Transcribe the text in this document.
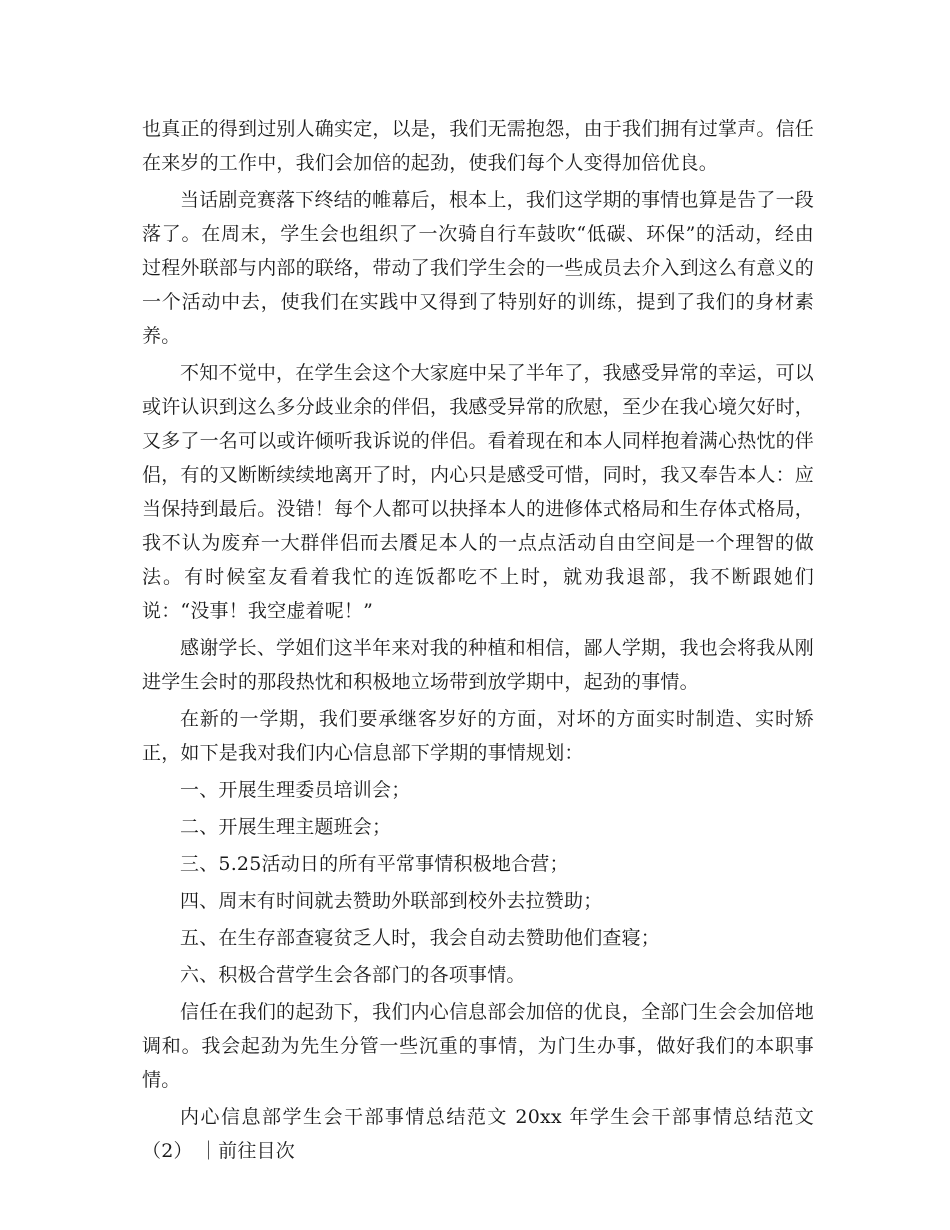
也真正的得到过别人确实定，以是，我们无需抱怨，由于我们拥有过掌声。信任在来岁的工作中，我们会加倍的起劲，使我们每个人变得加倍优良。

当话剧竞赛落下终结的帷幕后，根本上，我们这学期的事情也算是告了一段落了。在周末，学生会也组织了一次骑自行车鼓吹“低碳、环保”的活动，经由过程外联部与内部的联络，带动了我们学生会的一些成员去介入到这么有意义的一个活动中去，使我们在实践中又得到了特别好的训练，提到了我们的身材素养。

不知不觉中，在学生会这个大家庭中呆了半年了，我感受异常的幸运，可以或许认识到这么多分歧业余的伴侣，我感受异常的欣慰，至少在我心境欠好时，又多了一名可以或许倾听我诉说的伴侣。看着现在和本人同样抱着满心热忱的伴侣，有的又断断续续地离开了时，内心只是感受可惜，同时，我又奉告本人：应当保持到最后。没错！每个人都可以抉择本人的进修体式格局和生存体式格局，我不认为废弃一大群伴侣而去餍足本人的一点点活动自由空间是一个理智的做法。有时候室友看着我忙的连饭都吃不上时，就劝我退部，我不断跟她们说：“没事！我空虚着呢！”

感谢学长、学姐们这半年来对我的种植和相信，鄙人学期，我也会将我从刚进学生会时的那段热忱和积极地立场带到放学期中，起劲的事情。

在新的一学期，我们要承继客岁好的方面，对坏的方面实时制造、实时矫正，如下是我对我们内心信息部下学期的事情规划：

一、开展生理委员培训会；

二、开展生理主题班会；

三、5.25活动日的所有平常事情积极地合营；

四、周末有时间就去赞助外联部到校外去拉赞助；

五、在生存部查寝贫乏人时，我会自动去赞助他们查寝；

六、积极合营学生会各部门的各项事情。

信任在我们的起劲下，我们内心信息部会加倍的优良，全部门生会会加倍地调和。我会起劲为先生分管一些沉重的事情，为门生办事，做好我们的本职事情。

内心信息部学生会干部事情总结范文 20xx 年学生会干部事情总结范文（2） ｜前往目次
